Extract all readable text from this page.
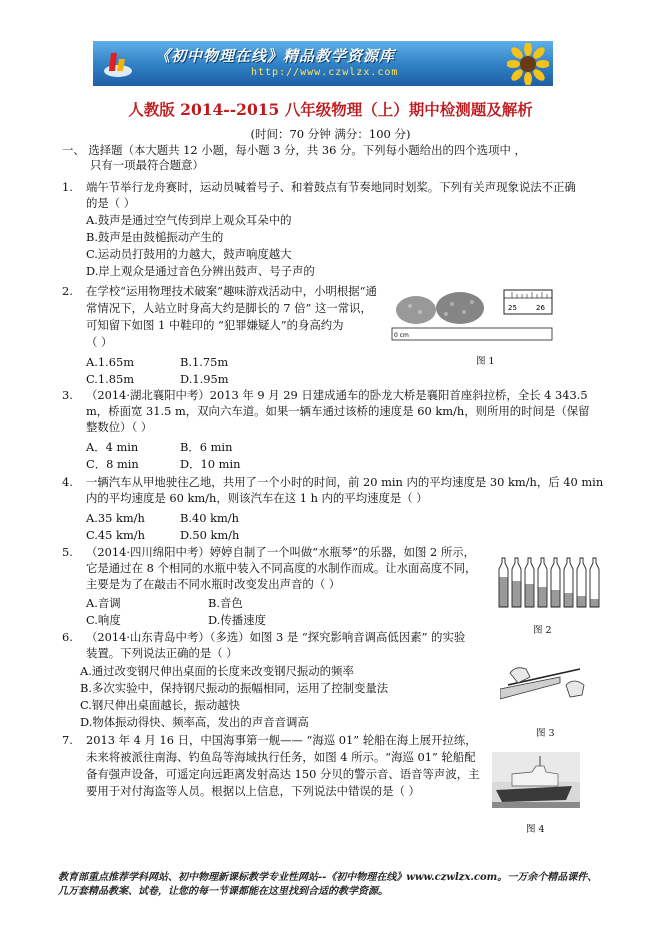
《初中物理在线》精品教学资源库
http://www.czwlzx.com
人教版 2014--2015 八年级物理（上）期中检测题及解析
(时间：70 分钟 满分：100 分)
一、 选择题（本大题共 12 小题，每小题 3 分，共 36 分。下列每小题给出的四个选项中 ，
只有一项最符合题意）
1. 端午节举行龙舟赛时，运动员喊着号子、和着鼓点有节奏地同时划桨。下列有关声现象说法不正确
的是（ ）
A.鼓声是通过空气传到岸上观众耳朵中的
B.鼓声是由鼓槌振动产生的
C.运动员打鼓用的力越大，鼓声响度越大
D.岸上观众是通过音色分辨出鼓声、号子声的
2. 在学校“运用物理技术破案”趣味游戏活动中，小明根据“通
常情况下，人站立时身高大约是脚长的 7 倍” 这一常识，
可知留下如图 1 中鞋印的 “犯罪嫌疑人”的身高约为
（ ）
A.1.65m	B.1.75m
C.1.85m	D.1.95m
25	26
0 cm
图 1
3. （2014·湖北襄阳中考）2013 年 9 月 29 日建成通车的卧龙大桥是襄阳首座斜拉桥，全长 4 343.5
m，桥面宽 31.5 m，双向六车道。如果一辆车通过该桥的速度是 60 km/h，则所用的时间是（保留
整数位）（ ）
A．4 min	B．6 min
C．8 min	D．10 min
4. 一辆汽车从甲地驶往乙地，共用了一个小时的时间，前 20 min 内的平均速度是 30 km/h，后 40 min
内的平均速度是 60 km/h，则该汽车在这 1 h 内的平均速度是（ ）
A.35 km/h	B.40 km/h
C.45 km/h	D.50 km/h
5. （2014·四川绵阳中考）婷婷自制了一个叫做“水瓶琴”的乐器，如图 2 所示，
它是通过在 8 个相同的水瓶中装入不同高度的水制作而成。让水面高度不同，
主要是为了在敲击不同水瓶时改变发出声音的（ ）
A.音调	B.音色
C.响度	D.传播速度
图 2
6. （2014·山东青岛中考）（多选）如图 3 是 “探究影响音调高低因素” 的实验
装置。下列说法正确的是（ ）
A.通过改变钢尺伸出桌面的长度来改变钢尺振动的频率
B.多次实验中，保持钢尺振动的振幅相同，运用了控制变量法
C.钢尺伸出桌面越长，振动越快
D.物体振动得快、频率高，发出的声音音调高
图 3
7. 2013 年 4 月 16 日，中国海事第一舰—— “海巡 01” 轮船在海上展开拉练，
未来将被派往南海、钓鱼岛等海域执行任务，如图 4 所示。“海巡 01” 轮船配
备有强声设备，可遥定向远距离发射高达 150 分贝的警示音、语音等声波，主
要用于对付海盗等人员。根据以上信息，下列说法中错误的是（ ）
图 4
教育部重点推荐学科网站、初中物理新课标教学专业性网站--《初中物理在线》www.czwlzx.com。一万余个精品课件、
几万套精品教案、试卷，让您的每一节课都能在这里找到合适的教学资源。
